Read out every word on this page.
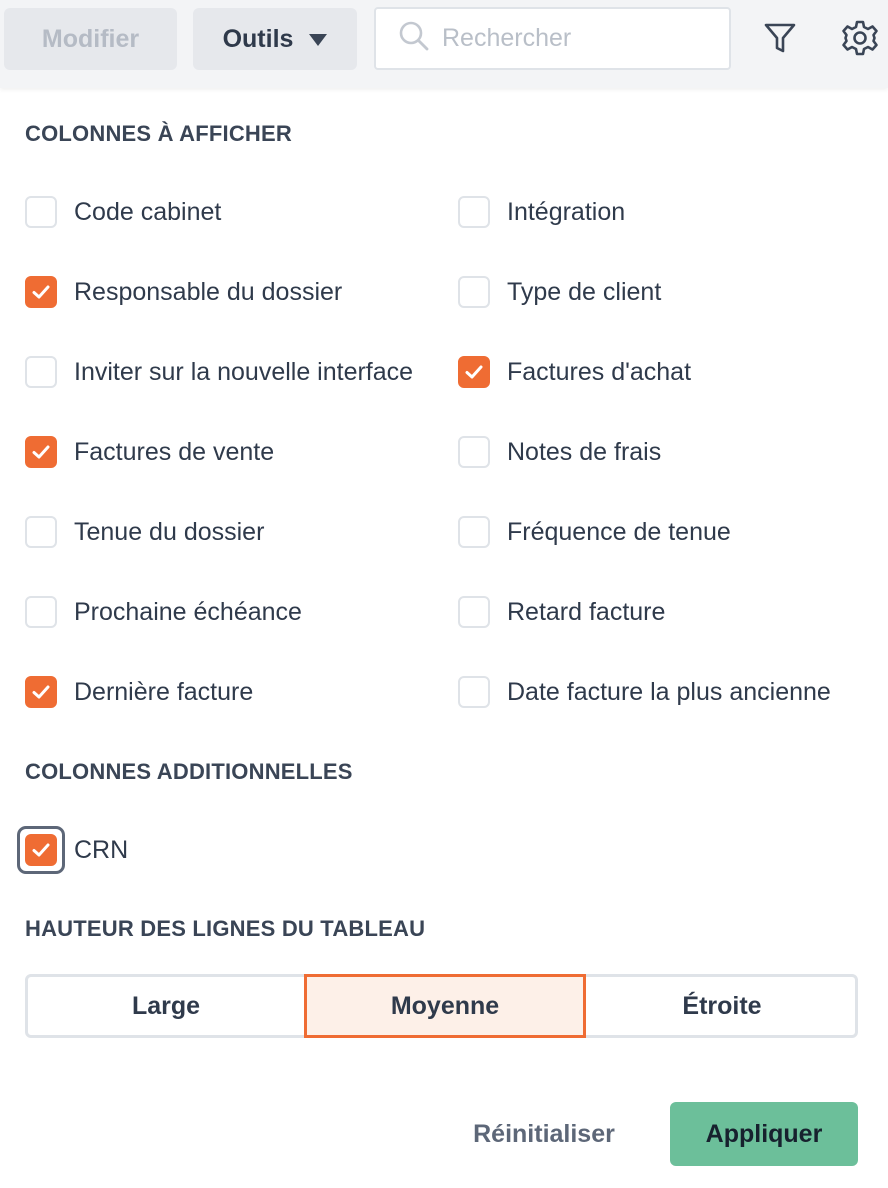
Modifier	Outils
Rechercher
COLONNES À AFFICHER
Code cabinet
Responsable du dossier
Inviter sur la nouvelle interface
Factures de vente
Tenue du dossier
Prochaine échéance
Dernière facture
Intégration
Type de client
Factures d'achat
Notes de frais
Fréquence de tenue
Retard facture
Date facture la plus ancienne
COLONNES ADDITIONNELLES
CRN
HAUTEUR DES LIGNES DU TABLEAU
Large	Moyenne	Étroite
Réinitialiser	Appliquer
